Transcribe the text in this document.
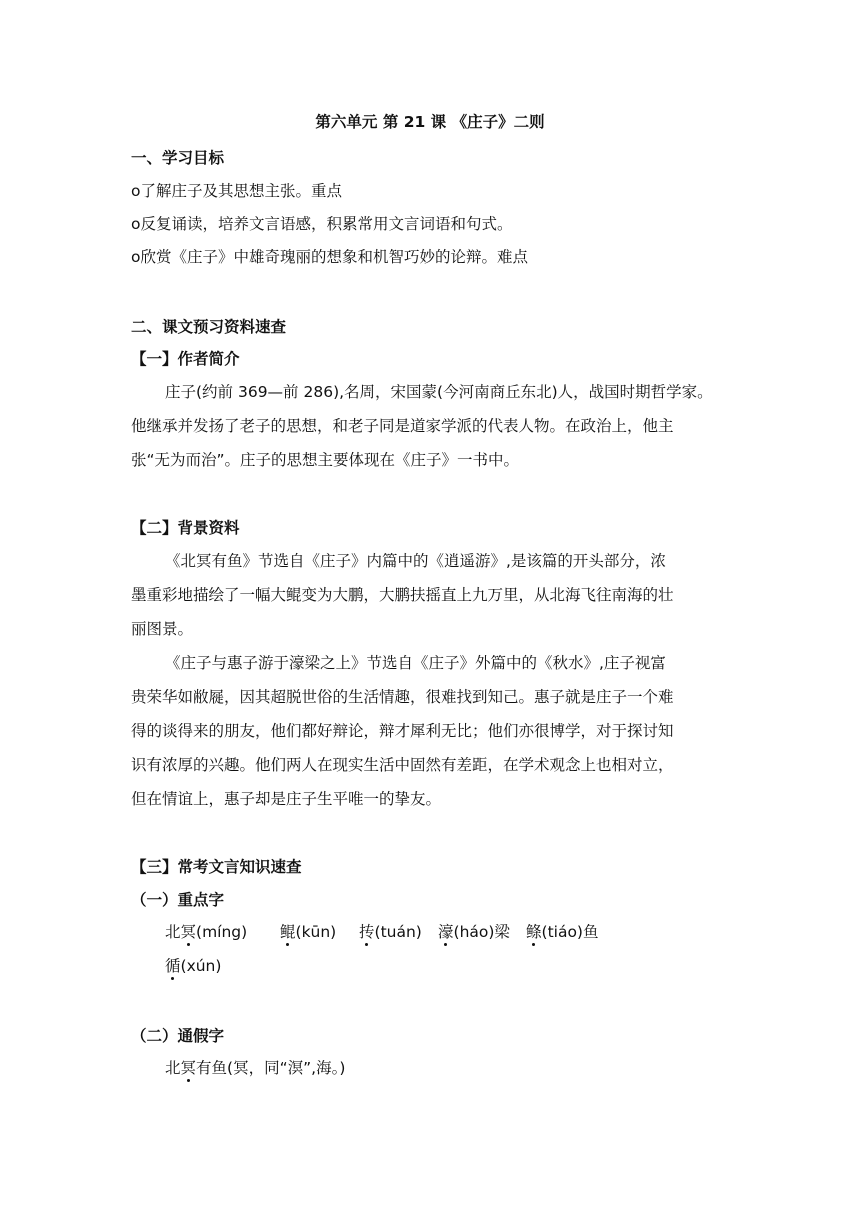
第六单元 第 21 课 《庄子》二则
一、学习目标
o了解庄子及其思想主张。重点
o反复诵读，培养文言语感，积累常用文言词语和句式。
o欣赏《庄子》中雄奇瑰丽的想象和机智巧妙的论辩。难点
二、课文预习资料速查
【一】作者简介
庄子(约前 369—前 286),名周，宋国蒙(今河南商丘东北)人，战国时期哲学家。
他继承并发扬了老子的思想，和老子同是道家学派的代表人物。在政治上，他主
张“无为而治”。庄子的思想主要体现在《庄子》一书中。
【二】背景资料
《北冥有鱼》节选自《庄子》内篇中的《逍遥游》,是该篇的开头部分，浓
墨重彩地描绘了一幅大鲲变为大鹏，大鹏扶摇直上九万里，从北海飞往南海的壮
丽图景。
《庄子与惠子游于濠梁之上》节选自《庄子》外篇中的《秋水》,庄子视富
贵荣华如敝屣，因其超脱世俗的生活情趣，很难找到知己。惠子就是庄子一个难
得的谈得来的朋友，他们都好辩论，辩才犀利无比；他们亦很博学，对于探讨知
识有浓厚的兴趣。他们两人在现实生活中固然有差距，在学术观念上也相对立，
但在情谊上，惠子却是庄子生平唯一的挚友。
【三】常考文言知识速查
（一）重点字
北冥(míng) 鲲(kūn) 抟(tuán) 濠(háo)梁 鲦(tiáo)鱼
循(xún)
（二）通假字
北冥有鱼(冥，同“溟”,海。)
